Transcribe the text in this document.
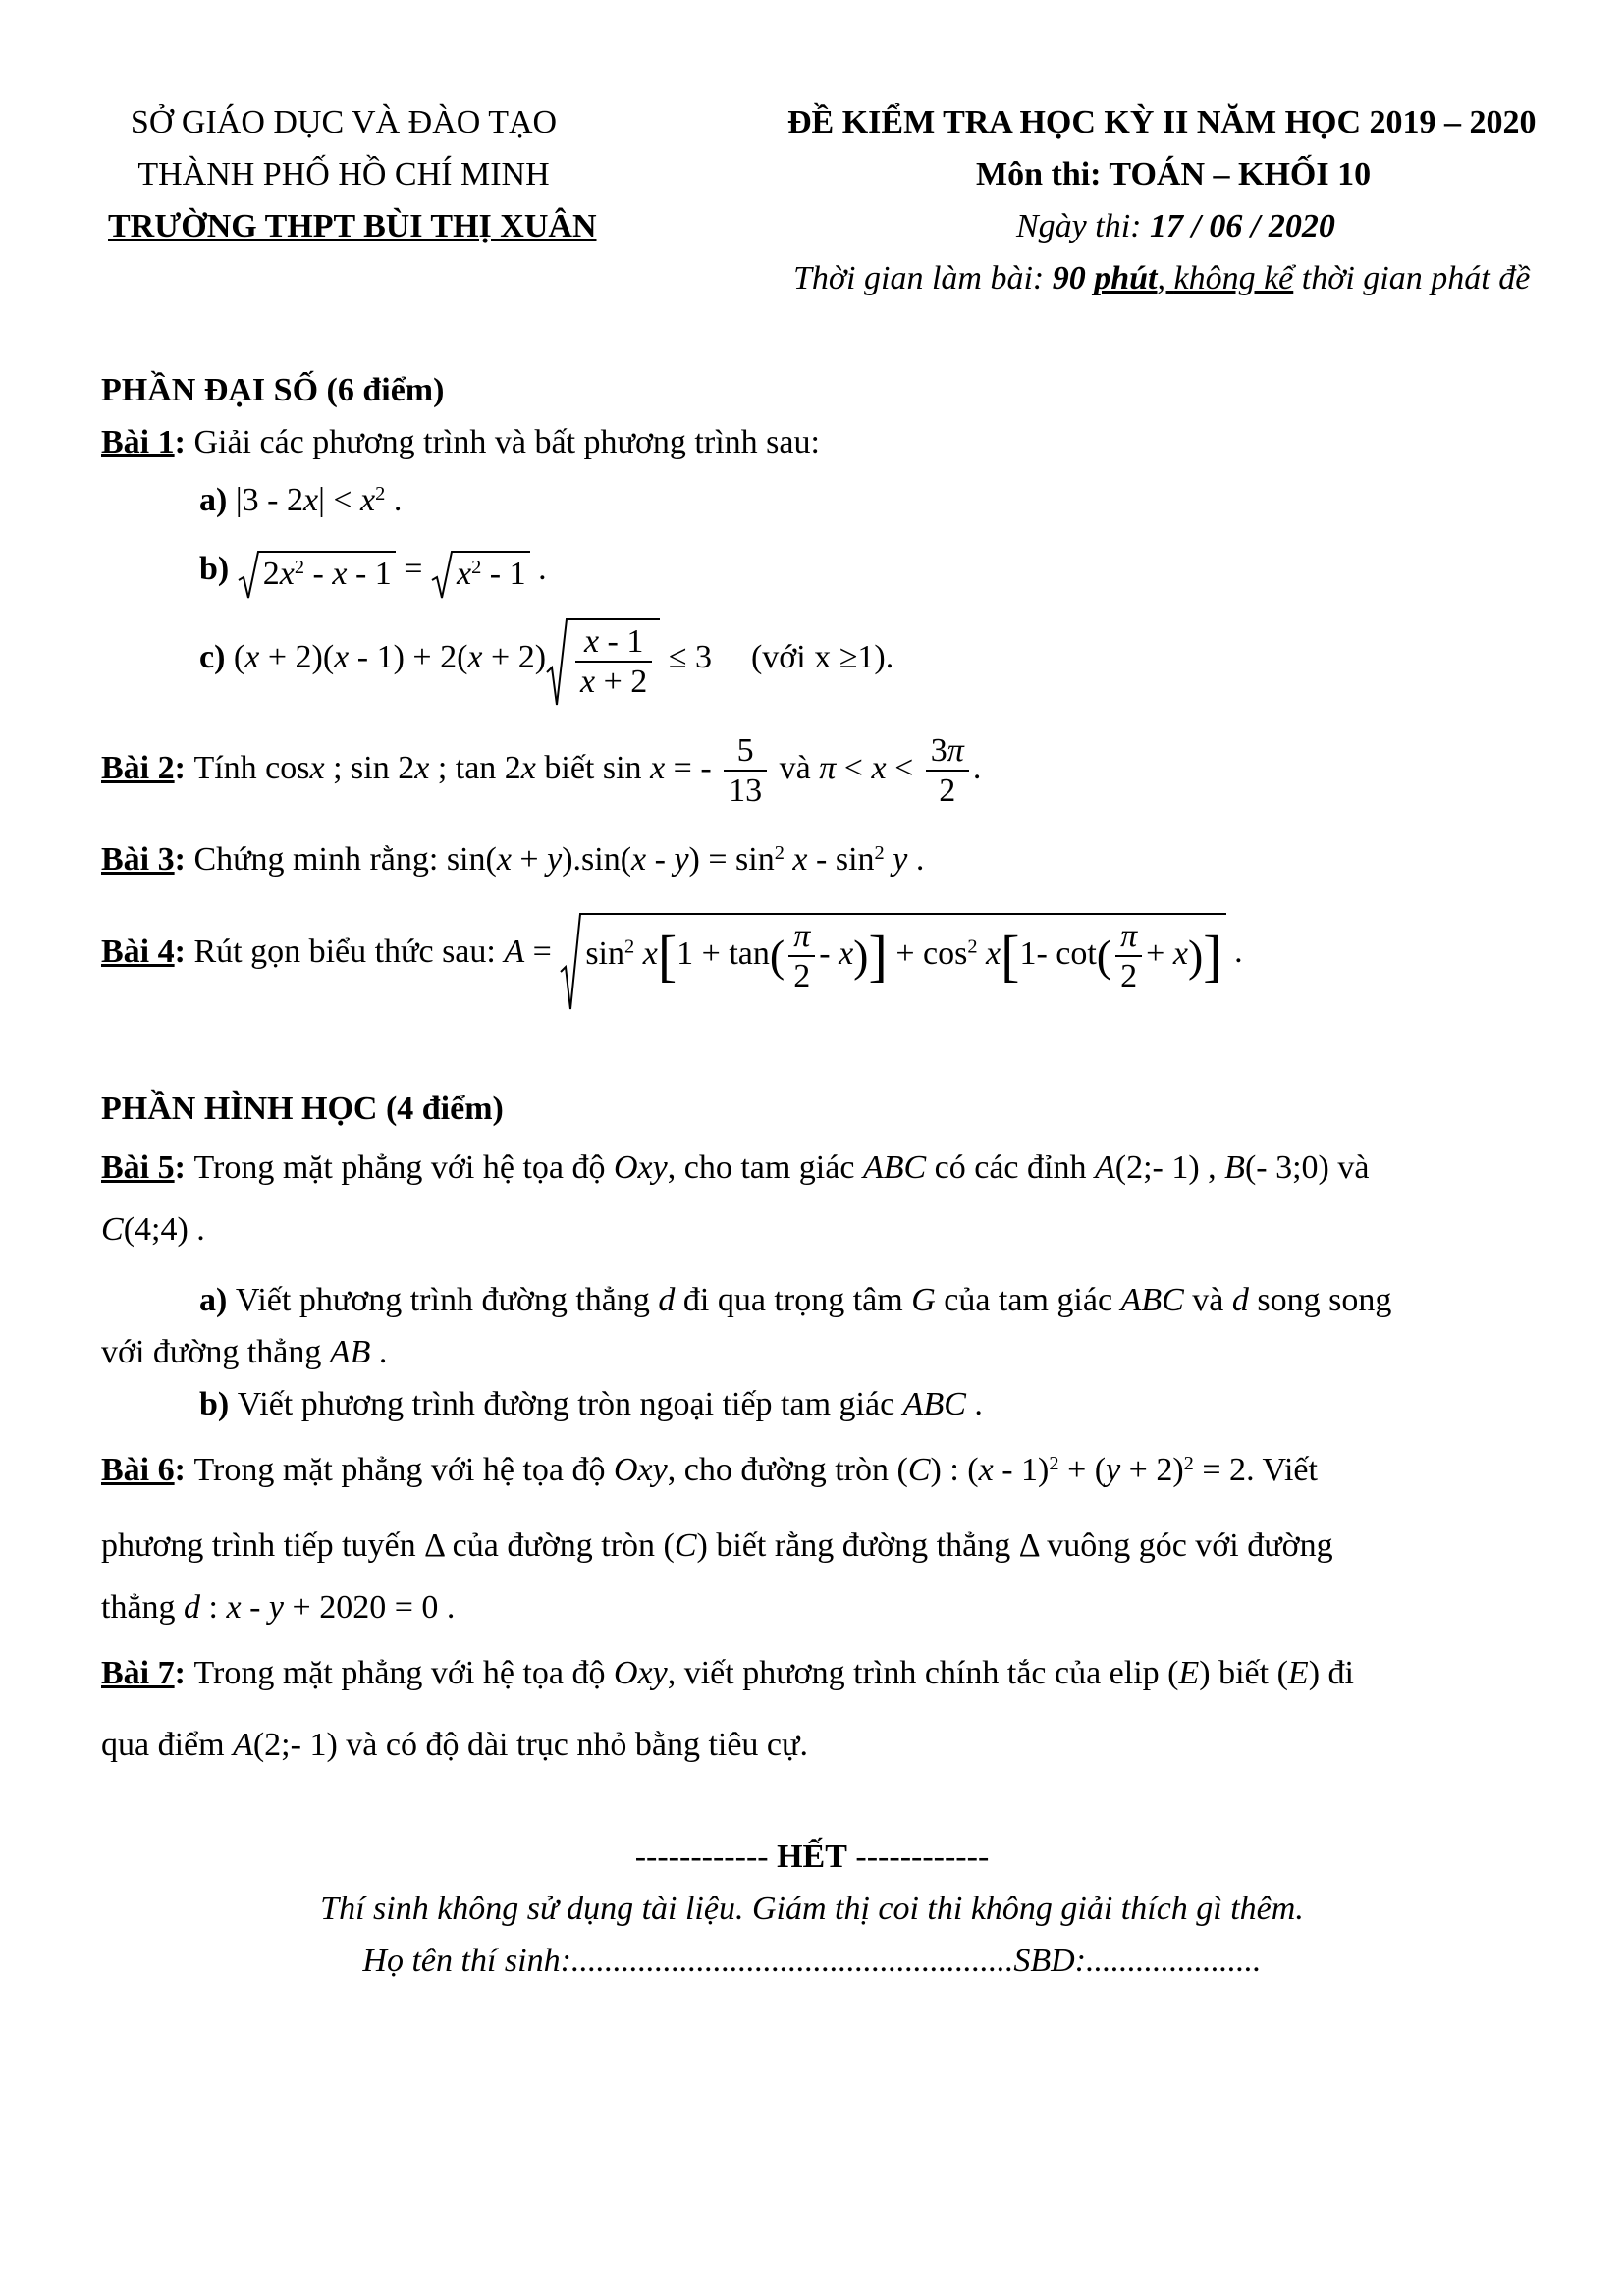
SỞ GIÁO DỤC VÀ ĐÀO TẠO
THÀNH PHỐ HỒ CHÍ MINH
TRƯỜNG THPT BÙI THỊ XUÂN
ĐỀ KIỂM TRA HỌC KỲ II NĂM HỌC 2019 – 2020
Môn thi: TOÁN – KHỐI 10
Ngày thi: 17 / 06 / 2020
Thời gian làm bài: 90 phút, không kể thời gian phát đề
PHẦN ĐẠI SỐ (6 điểm)
Bài 1: Giải các phương trình và bất phương trình sau:
a) $|3 - 2x| < x^2$ .
b)
$2x^2$ - x - 1 =
$x^2 - 1$ .
c) $(x + 2)(x - 1) + 2(x + 2) \frac{x - 1}{x + 2} \le 3$ (với x ≥1).
Bài 2: Tính cosx ; sin 2x ; tan 2x biết sin x = - $\frac{5}{13}$ và $\pi < x < \frac{3\pi}{2}$ .
Bài 3: Chứng minh rằng: $\sin(x + y).\sin(x - y) = \sin^2 x - \sin^2 y$ .
Bài 4: Rút gọn biểu thức sau: A =
$\sin^2 x[1 + \tan( \frac{\pi}{2} - x)] + \cos^2 x[1-$ $\cot( \frac{\pi}{2} + x)$] .
PHẦN HÌNH HỌC (4 điểm)
Bài 5: Trong mặt phẳng với hệ tọa độ Oxy, cho tam giác ABC có các đỉnh A(2;- 1) , B(- 3;0) và
C(4;4) .
a) Viết phương trình đường thẳng d đi qua trọng tâm G của tam giác ABC và d song song
với đường thẳng AB .
b) Viết phương trình đường tròn ngoại tiếp tam giác ABC .
Bài 6: Trong mặt phẳng với hệ tọa độ Oxy, cho đường tròn (C) : $(x - 1)^2 + (y + 2)^2 = 2$. Viết
phương trình tiếp tuyến Δ của đường tròn (C) biết rằng đường thẳng Δ vuông góc với đường
thẳng d : x - y + 2020 = 0 .
Bài 7: Trong mặt phẳng với hệ tọa độ Oxy, viết phương trình chính tắc của elip (E) biết (E) đi
qua điểm A(2;- 1) và có độ dài trục nhỏ bằng tiêu cự.
------------ HẾT ------------
Thí sinh không sử dụng tài liệu. Giám thị coi thi không giải thích gì thêm.
Họ tên thí sinh:.....................................................SBD:.....................
